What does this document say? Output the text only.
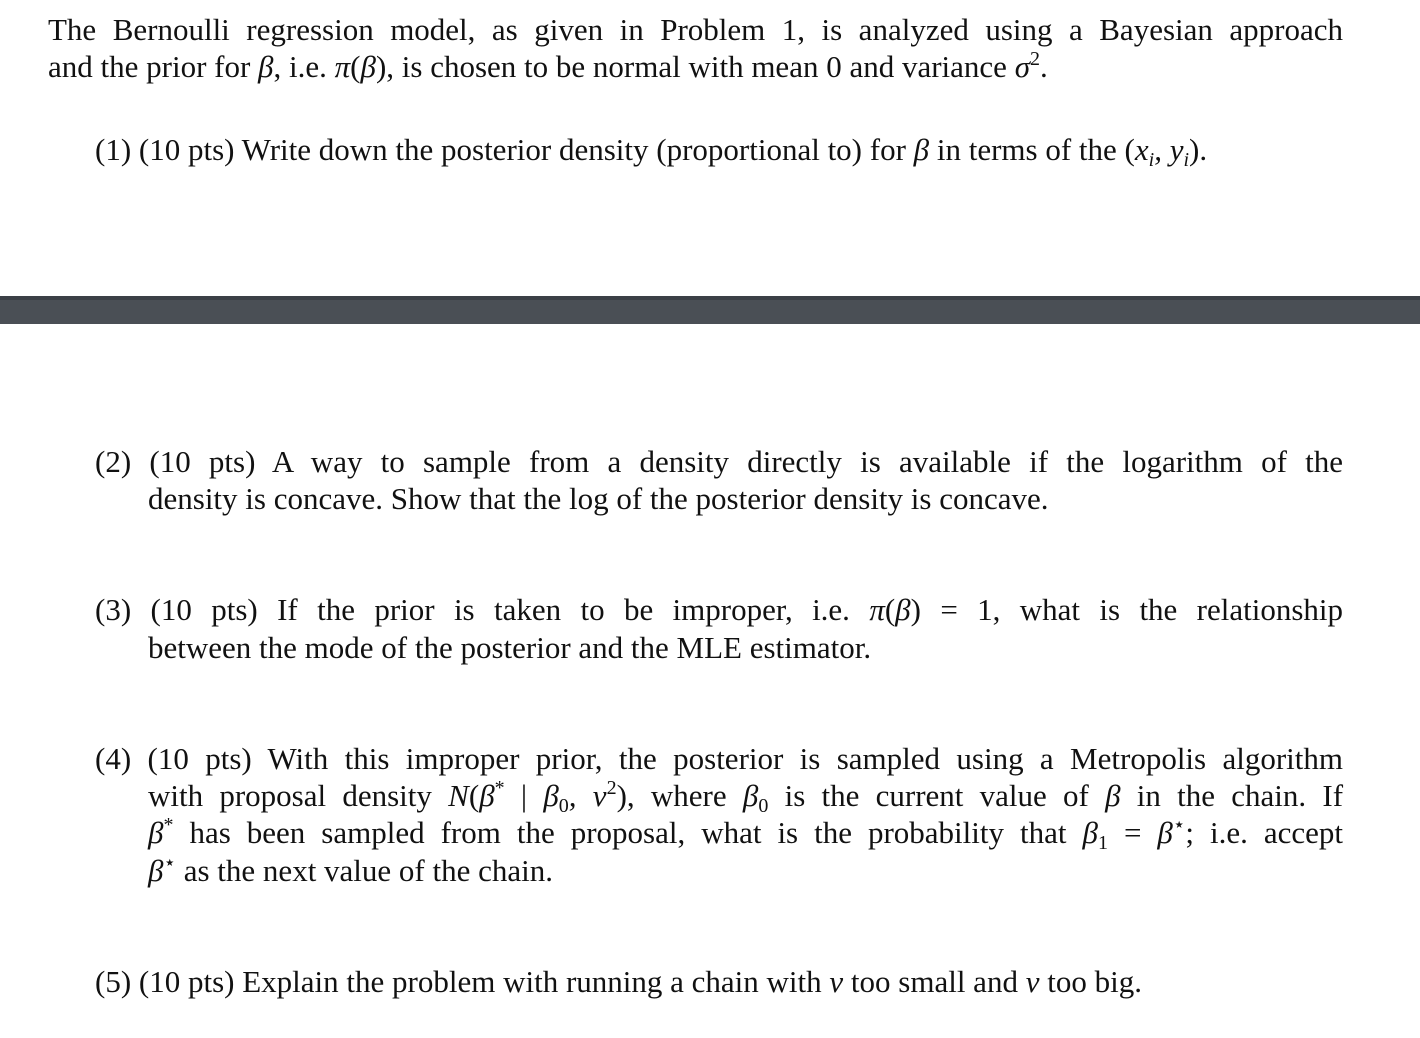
The Bernoulli regression model, as given in Problem 1, is analyzed using a Bayesian approach
and the prior for β, i.e. π(β), is chosen to be normal with mean 0 and variance $\sigma^2$.
(1) (10 pts) Write down the posterior density (proportional to) for β in terms of the ($x_i$, $y_i$).
(2) (10 pts) A way to sample from a density directly is available if the logarithm of the
density is concave. Show that the log of the posterior density is concave.
(3) (10 pts) If the prior is taken to be improper, i.e. π(β) = 1, what is the relationship
between the mode of the posterior and the MLE estimator.
(4) (10 pts) With this improper prior, the posterior is sampled using a Metropolis algorithm
with proposal density N(β* | $\beta_0$, $v^2$), where $\beta_0$ is the current value of β in the chain. If
β* has been sampled from the proposal, what is the probability that $\beta_1 = \beta^⋆$; i.e. accept
β⋆ as the next value of the chain.
(5) (10 pts) Explain the problem with running a chain with v too small and v too big.
